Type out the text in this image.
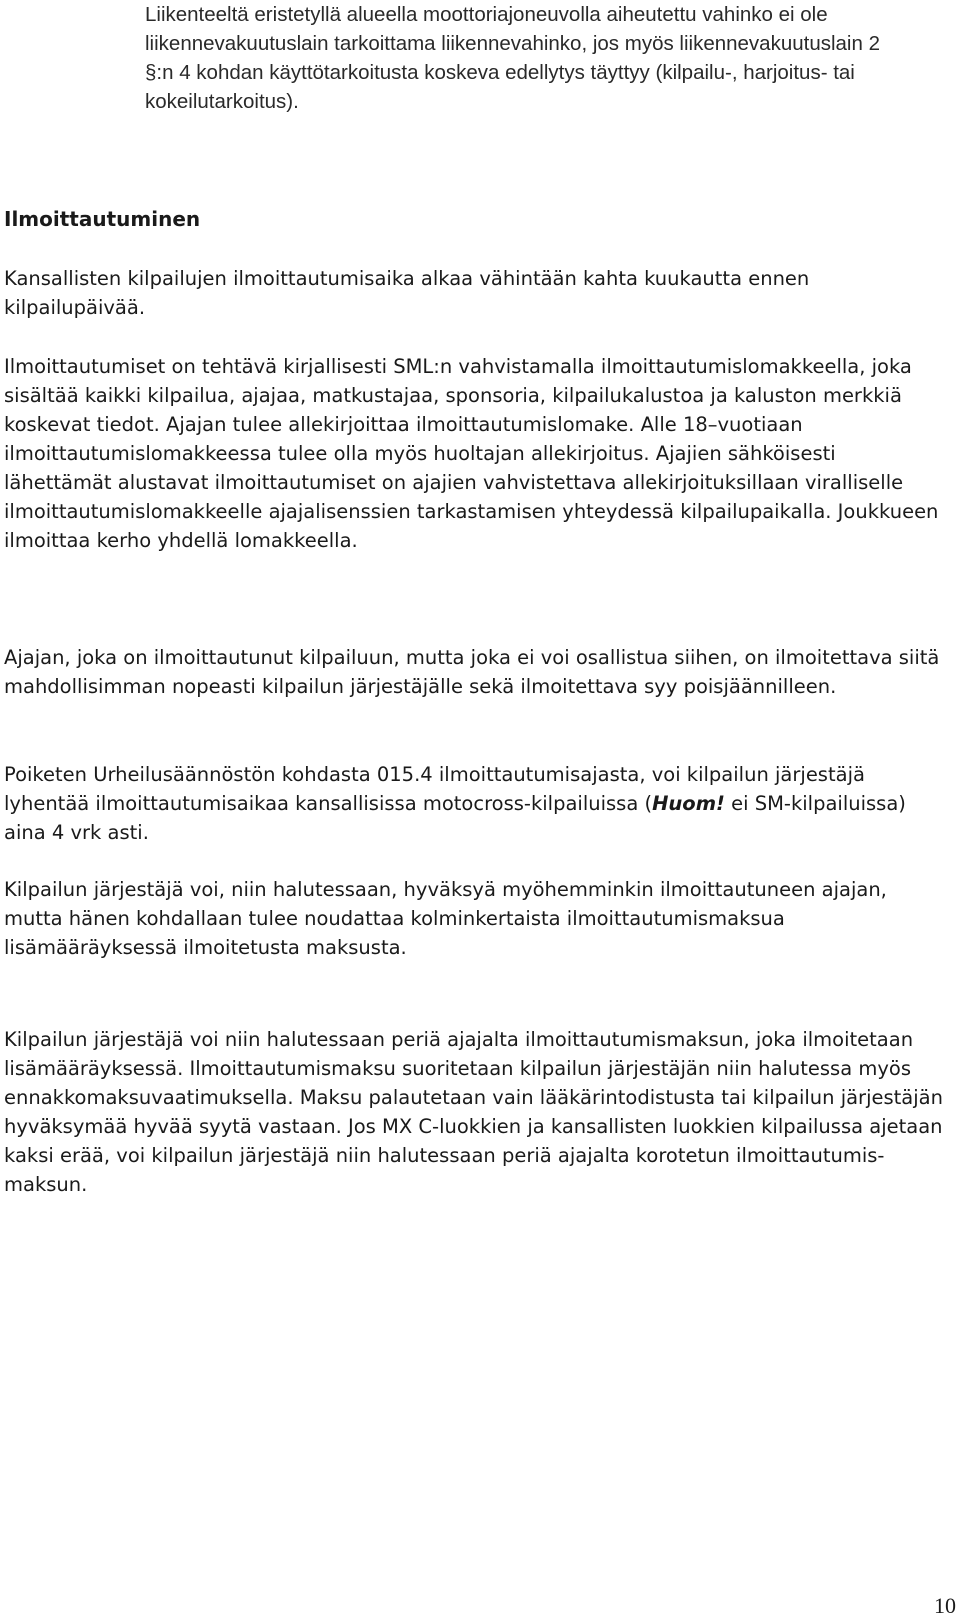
Liikenteeltä eristetyllä alueella moottoriajoneuvolla aiheutettu vahinko ei ole liikennevakuutuslain tarkoittama liikennevahinko, jos myös liikennevakuutuslain 2 §:n 4 kohdan käyttötarkoitusta koskeva edellytys täyttyy (kilpailu-, harjoitus- tai kokeilutarkoitus).
Ilmoittautuminen
Kansallisten kilpailujen ilmoittautumisaika alkaa vähintään kahta kuukautta ennen kilpailupäivää.
Ilmoittautumiset on tehtävä kirjallisesti SML:n vahvistamalla ilmoittautumislomakkeella, joka sisältää kaikki kilpailua, ajajaa, matkustajaa, sponsoria, kilpailukalustoa ja kaluston merkkiä koskevat tiedot. Ajajan tulee allekirjoittaa ilmoittautumislomake. Alle 18–vuotiaan ilmoittautumislomakkeessa tulee olla myös huoltajan allekirjoitus. Ajajien sähköisesti lähettämät alustavat ilmoittautumiset on ajajien vahvistettava allekirjoituksillaan viralliselle ilmoittautumislomakkeelle ajajalisenssien tarkastamisen yhteydessä kilpailupaikalla. Joukkueen ilmoittaa kerho yhdellä lomakkeella.
Ajajan, joka on ilmoittautunut kilpailuun, mutta joka ei voi osallistua siihen, on ilmoitettava siitä mahdollisimman nopeasti kilpailun järjestäjälle sekä ilmoitettava syy poisjäännilleen.
Poiketen Urheilusäännöstön kohdasta 015.4 ilmoittautumisajasta, voi kilpailun järjestäjä lyhentää ilmoittautumisaikaa kansallisissa motocross-kilpailuissa (Huom! ei SM-kilpailuissa) aina 4 vrk asti.
Kilpailun järjestäjä voi, niin halutessaan, hyväksyä myöhemminkin ilmoittautuneen ajajan, mutta hänen kohdallaan tulee noudattaa kolminkertaista ilmoittautumismaksua lisämääräyksessä ilmoitetusta maksusta.
Kilpailun järjestäjä voi niin halutessaan periä ajajalta ilmoittautumismaksun, joka ilmoitetaan lisämääräyksessä. Ilmoittautumismaksu suoritetaan kilpailun järjestäjän niin halutessa myös ennakkomaksuvaatimuksella. Maksu palautetaan vain lääkärintodistusta tai kilpailun järjestäjän hyväksymää hyvää syytä vastaan. Jos MX C-luokkien ja kansallisten luokkien kilpailussa ajetaan kaksi erää, voi kilpailun järjestäjä niin halutessaan periä ajajalta korotetun ilmoittautumis-maksun.
10
